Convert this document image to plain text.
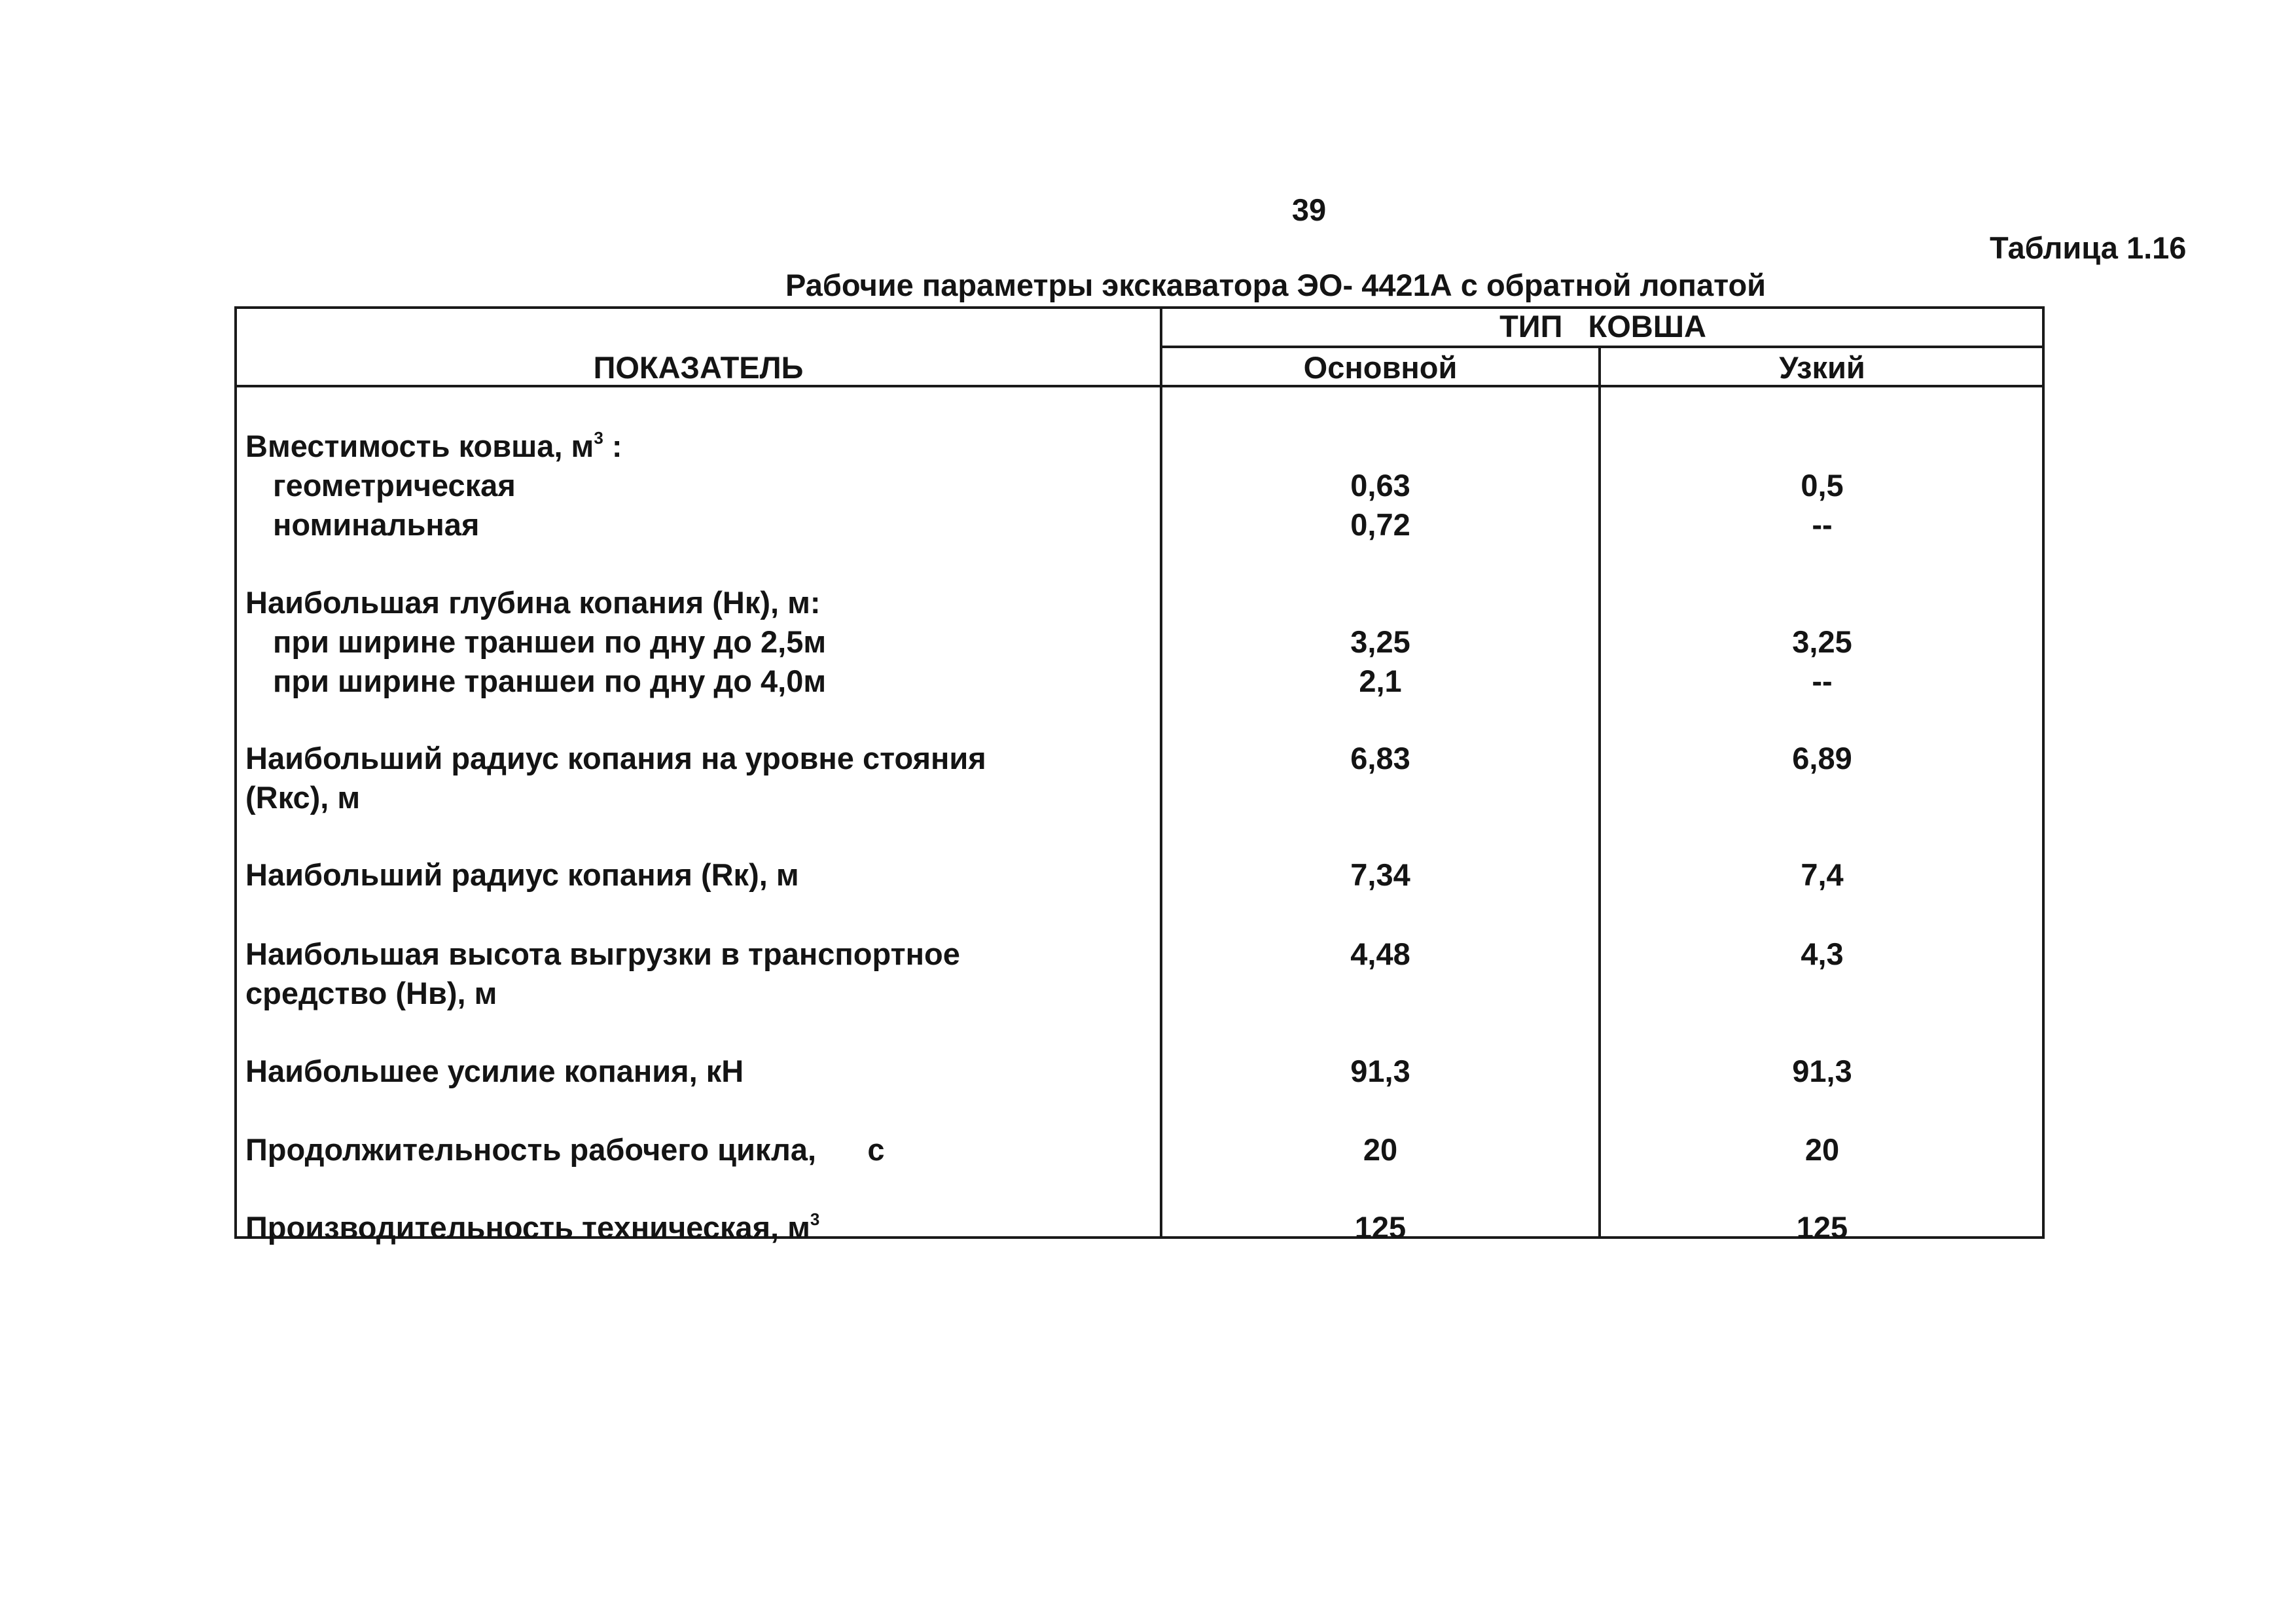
39
Таблица 1.16
Рабочие параметры экскаватора ЭО- 4421А с обратной лопатой
ПОКАЗАТЕЛЬ
ТИП   КОВША
Основной	Узкий
Вместимость ковша, $м^3$ :
геометрическая	0,63	0,5
номинальная	0,72	--
Наибольшая глубина копания (Нк), м:
при ширине траншеи по дну до 2,5м	3,25	3,25
при ширине траншеи по дну до 4,0м	2,1	--
Наибольший радиус копания на уровне стояния	6,83	6,89
(Rкс), м
Наибольший радиус копания (Rк), м	7,34	7,4
Наибольшая высота выгрузки в транспортное	4,48	4,3
средство (Нв), м
Наибольшее усилие копания, кН	91,3	91,3
Продолжительность рабочего цикла,      с	20	20
Производительность техническая, $м^3$	125	125
